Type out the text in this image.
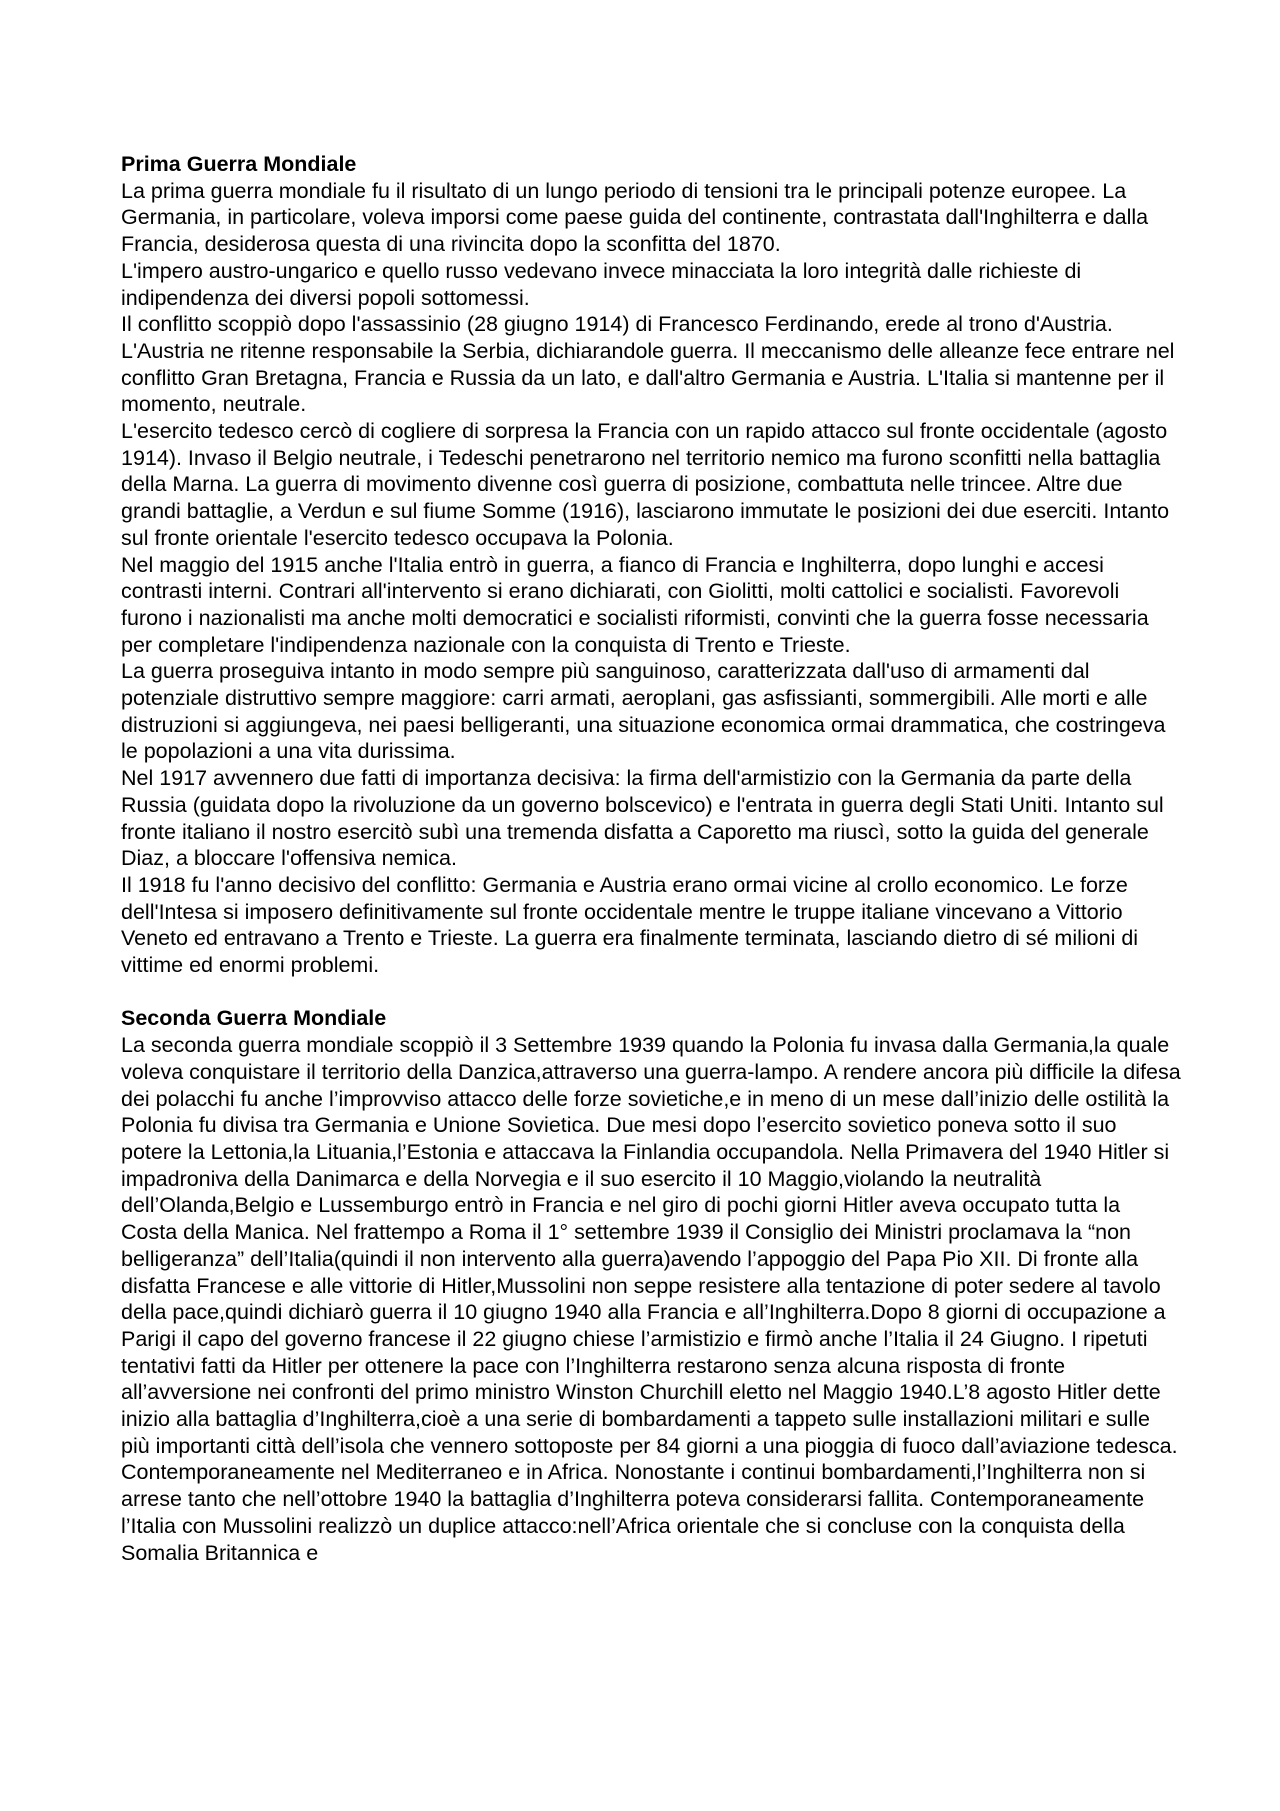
Prima Guerra Mondiale

La prima guerra mondiale fu il risultato di un lungo periodo di tensioni tra le principali potenze europee. La Germania, in particolare, voleva imporsi come paese guida del continente, contrastata dall'Inghilterra e dalla Francia, desiderosa questa di una rivincita dopo la sconfitta del 1870.

L'impero austro-ungarico e quello russo vedevano invece minacciata la loro integrità dalle richieste di indipendenza dei diversi popoli sottomessi.

Il conflitto scoppiò dopo l'assassinio (28 giugno 1914) di Francesco Ferdinando, erede al trono d'Austria. L'Austria ne ritenne responsabile la Serbia, dichiarandole guerra. Il meccanismo delle alleanze fece entrare nel conflitto Gran Bretagna, Francia e Russia da un lato, e dall'altro Germania e Austria. L'Italia si mantenne per il momento, neutrale.

L'esercito tedesco cercò di cogliere di sorpresa la Francia con un rapido attacco sul fronte occidentale (agosto 1914). Invaso il Belgio neutrale, i Tedeschi penetrarono nel territorio nemico ma furono sconfitti nella battaglia della Marna. La guerra di movimento divenne così guerra di posizione, combattuta nelle trincee. Altre due grandi battaglie, a Verdun e sul fiume Somme (1916), lasciarono immutate le posizioni dei due eserciti. Intanto sul fronte orientale l'esercito tedesco occupava la Polonia.

Nel maggio del 1915 anche l'Italia entrò in guerra, a fianco di Francia e Inghilterra, dopo lunghi e accesi contrasti interni. Contrari all'intervento si erano dichiarati, con Giolitti, molti cattolici e socialisti. Favorevoli furono i nazionalisti ma anche molti democratici e socialisti riformisti, convinti che la guerra fosse necessaria per completare l'indipendenza nazionale con la conquista di Trento e Trieste.

La guerra proseguiva intanto in modo sempre più sanguinoso, caratterizzata dall'uso di armamenti dal potenziale distruttivo sempre maggiore: carri armati, aeroplani, gas asfissianti, sommergibili. Alle morti e alle distruzioni si aggiungeva, nei paesi belligeranti, una situazione economica ormai drammatica, che costringeva le popolazioni a una vita durissima.

Nel 1917 avvennero due fatti di importanza decisiva: la firma dell'armistizio con la Germania da parte della Russia (guidata dopo la rivoluzione da un governo bolscevico) e l'entrata in guerra degli Stati Uniti. Intanto sul fronte italiano il nostro esercitò subì una tremenda disfatta a Caporetto ma riuscì, sotto la guida del generale Diaz, a bloccare l'offensiva nemica.

Il 1918 fu l'anno decisivo del conflitto: Germania e Austria erano ormai vicine al crollo economico. Le forze dell'Intesa si imposero definitivamente sul fronte occidentale mentre le truppe italiane vincevano a Vittorio Veneto ed entravano a Trento e Trieste. La guerra era finalmente terminata, lasciando dietro di sé milioni di vittime ed enormi problemi.

Seconda Guerra Mondiale

La seconda guerra mondiale scoppiò il 3 Settembre 1939 quando la Polonia fu invasa dalla Germania,la quale voleva conquistare il territorio della Danzica,attraverso una guerra-lampo. A rendere ancora più difficile la difesa dei polacchi fu anche l’improvviso attacco delle forze sovietiche,e in meno di un mese dall’inizio delle ostilità la Polonia fu divisa tra Germania e Unione Sovietica. Due mesi dopo l’esercito sovietico poneva sotto il suo potere la Lettonia,la Lituania,l’Estonia e attaccava la Finlandia occupandola. Nella Primavera del 1940 Hitler si impadroniva della Danimarca e della Norvegia e il suo esercito il 10 Maggio,violando la neutralità dell’Olanda,Belgio e Lussemburgo entrò in Francia e nel giro di pochi giorni Hitler aveva occupato tutta la Costa della Manica. Nel frattempo a Roma il 1° settembre 1939 il Consiglio dei Ministri proclamava la “non belligeranza” dell’Italia(quindi il non intervento alla guerra)avendo l’appoggio del Papa Pio XII. Di fronte alla disfatta Francese e alle vittorie di Hitler,Mussolini non seppe resistere alla tentazione di poter sedere al tavolo della pace,quindi dichiarò guerra il 10 giugno 1940 alla Francia e all’Inghilterra.Dopo 8 giorni di occupazione a Parigi il capo del governo francese il 22 giugno chiese l’armistizio e firmò anche l’Italia il 24 Giugno. I ripetuti tentativi fatti da Hitler per ottenere la pace con l’Inghilterra restarono senza alcuna risposta di fronte all’avversione nei confronti del primo ministro Winston Churchill eletto nel Maggio 1940.L’8 agosto Hitler dette inizio alla battaglia d’Inghilterra,cioè a una serie di bombardamenti a tappeto sulle installazioni militari e sulle più importanti città dell’isola che vennero sottoposte per 84 giorni a una pioggia di fuoco dall’aviazione tedesca. Contemporaneamente nel Mediterraneo e in Africa. Nonostante i continui bombardamenti,l’Inghilterra non si arrese tanto che nell’ottobre 1940 la battaglia d’Inghilterra poteva considerarsi fallita. Contemporaneamente l’Italia con Mussolini realizzò un duplice attacco:nell’Africa orientale che si concluse con la conquista della Somalia Britannica e
